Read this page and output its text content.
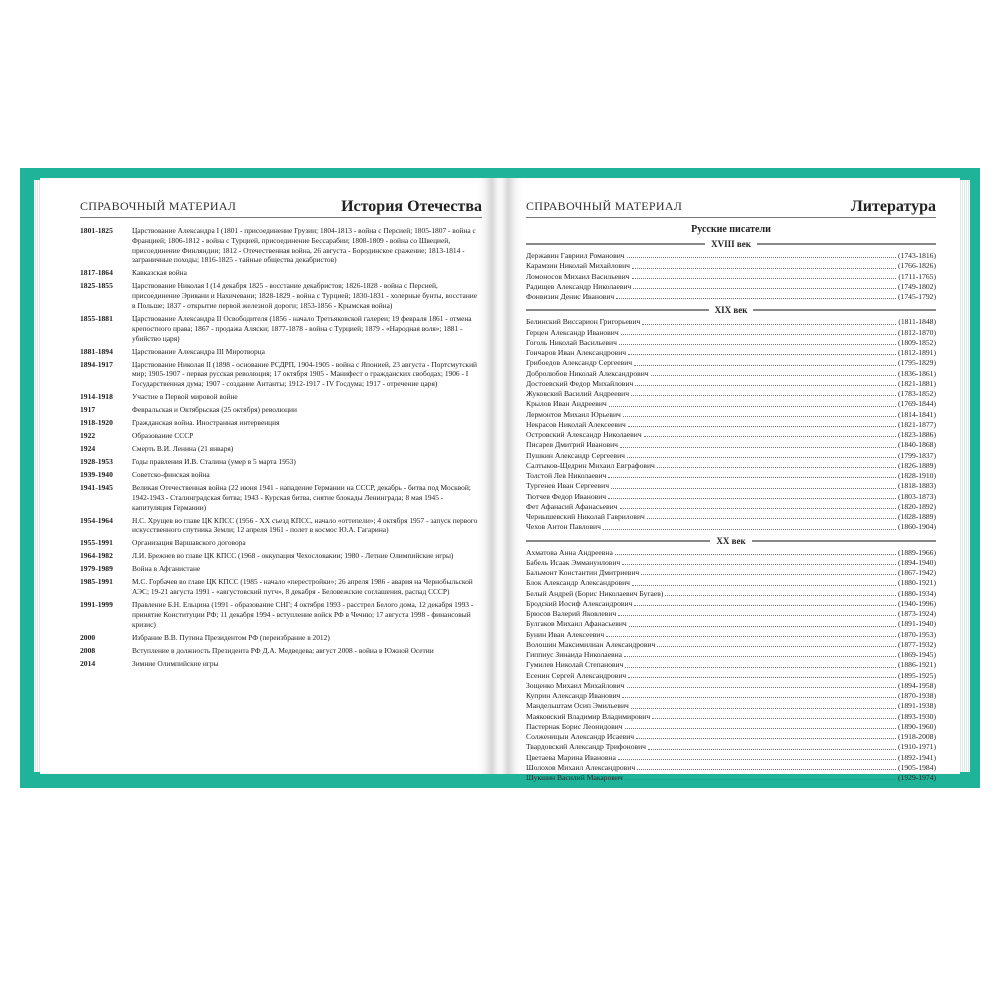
СПРАВОЧНЫЙ МАТЕРИАЛ	История Отечества
1801-1825	Царствование Александра I (1801 - присоединение Грузии; 1804-1813 - война с Персией; 1805-1807 - война с Францией; 1806-1812 - война с Турцией, присоединение Бессарабии; 1808-1809 - война со Швецией, присоединение Финляндии; 1812 - Отечественная война, 26 августа - Бородинское сражение; 1813-1814 - заграничные походы; 1816-1825 - тайные общества декабристов)
1817-1864	Кавказская война
1825-1855	Царствование Николая I (14 декабря 1825 - восстание декабристов; 1826-1828 - война с Персией, присоединение Эривани и Нахичевани; 1828-1829 - война с Турцией; 1830-1831 - холерные бунты, восстание в Польше; 1837 - открытие первой железной дороги; 1853-1856 - Крымская война)
1855-1881	Царствование Александра II Освободителя (1856 - начало Третьяковской галереи; 19 февраля 1861 - отмена крепостного права; 1867 - продажа Аляски; 1877-1878 - война с Турцией; 1879 - «Народная воля»; 1881 - убийство царя)
1881-1894	Царствование Александра III Миротворца
1894-1917	Царствование Николая II (1898 - основание РСДРП, 1904-1905 - война с Японией, 23 августа - Портсмутский мир; 1905-1907 - первая русская революция; 17 октября 1905 - Манифест о гражданских свободах; 1906 - I Государственная дума; 1907 - создание Антанты; 1912-1917 - IV Госдума; 1917 - отречение царя)
1914-1918	Участие в Первой мировой войне
1917	Февральская и Октябрьская (25 октября) революции
1918-1920	Гражданская война. Иностранная интервенция
1922	Образование СССР
1924	Смерть В.И. Ленина (21 января)
1928-1953	Годы правления И.В. Сталина (умер в 5 марта 1953)
1939-1940	Советско-финская война
1941-1945	Великая Отечественная война (22 июня 1941 - нападение Германии на СССР, декабрь - битва под Москвой; 1942-1943 - Сталинградская битва; 1943 - Курская битва, снятие блокады Ленинграда; 8 мая 1945 - капитуляция Германии)
1954-1964	Н.С. Хрущев во главе ЦК КПСС (1956 - ХХ съезд КПСС, начало «оттепели»; 4 октября 1957 - запуск первого искусственного спутника Земли; 12 апреля 1961 - полет в космос Ю.А. Гагарина)
1955-1991	Организация Варшавского договора
1964-1982	Л.И. Брежнев во главе ЦК КПСС (1968 - оккупация Чехословакии; 1980 - Летние Олимпийские игры)
1979-1989	Война в Афганистане
1985-1991	М.С. Горбачев во главе ЦК КПСС (1985 - начало «перестройки»; 26 апреля 1986 - авария на Чернобыльской АЭС; 19-21 августа 1991 - «августовский путч», 8 декабря - Беловежские соглашения, распад СССР)
1991-1999	Правление Б.Н. Ельцина (1991 - образование СНГ; 4 октября 1993 - расстрел Белого дома, 12 декабря 1993 - принятие Конституции РФ; 11 декабря 1994 - вступление войск РФ в Чечню; 17 августа 1998 - финансовый кризис)
2000	Избрание В.В. Путина Президентом РФ (переизбрание в 2012)
2008	Вступление в должность Президента РФ Д.А. Медведева; август 2008 - война в Южной Осетии
2014	Зимние Олимпийские игры
СПРАВОЧНЫЙ МАТЕРИАЛ	Литература
Русские писатели
XVIII век
Державин Гавриил Романович	(1743-1816)
Карамзин Николай Михайлович	(1766-1826)
Ломоносов Михаил Васильевич	(1711-1765)
Радищев Александр Николаевич	(1749-1802)
Фонвизин Денис Иванович	(1745-1792)
XIX век
Белинский Виссарион Григорьевич	(1811-1848)
Герцен Александр Иванович	(1812-1870)
Гоголь Николай Васильевич	(1809-1852)
Гончаров Иван Александрович	(1812-1891)
Грибоедов Александр Сергеевич	(1795-1829)
Добролюбов Николай Александрович	(1836-1861)
Достоевский Федор Михайлович	(1821-1881)
Жуковский Василий Андреевич	(1783-1852)
Крылов Иван Андреевич	(1769-1844)
Лермонтов Михаил Юрьевич	(1814-1841)
Некрасов Николай Алексеевич	(1821-1877)
Островский Александр Николаевич	(1823-1886)
Писарев Дмитрий Иванович	(1840-1868)
Пушкин Александр Сергеевич	(1799-1837)
Салтыков-Щедрин Михаил Евграфович	(1826-1889)
Толстой Лев Николаевич	(1828-1910)
Тургенев Иван Сергеевич	(1818-1883)
Тютчев Федор Иванович	(1803-1873)
Фет Афанасий Афанасьевич	(1820-1892)
Чернышевский Николай Гаврилович	(1828-1889)
Чехов Антон Павлович	(1860-1904)
XX век
Ахматова Анна Андреевна	(1889-1966)
Бабель Исаак Эммануилович	(1894-1940)
Бальмонт Константин Дмитриевич	(1867-1942)
Блок Александр Александрович	(1880-1921)
Белый Андрей (Борис Николаевич Бугаев)	(1880-1934)
Бродский Иосиф Александрович	(1940-1996)
Брюсов Валерий Яковлевич	(1873-1924)
Булгаков Михаил Афанасьевич	(1891-1940)
Бунин Иван Алексеевич	(1870-1953)
Волошин Максимилиан Александрович	(1877-1932)
Гиппиус Зинаида Николаевна	(1869-1945)
Гумилев Николай Степанович	(1886-1921)
Есенин Сергей Александрович	(1895-1925)
Зощенко Михаил Михайлович	(1894-1958)
Куприн Александр Иванович	(1870-1938)
Мандельштам Осип Эмильевич	(1891-1938)
Маяковский Владимир Владимирович	(1893-1930)
Пастернак Борис Леонидович	(1890-1960)
Солженицын Александр Исаевич	(1918-2008)
Твардовский Александр Трифонович	(1910-1971)
Цветаева Марина Ивановна	(1892-1941)
Шолохов Михаил Александрович	(1905-1984)
Шукшин Василий Макарович	(1929-1974)
